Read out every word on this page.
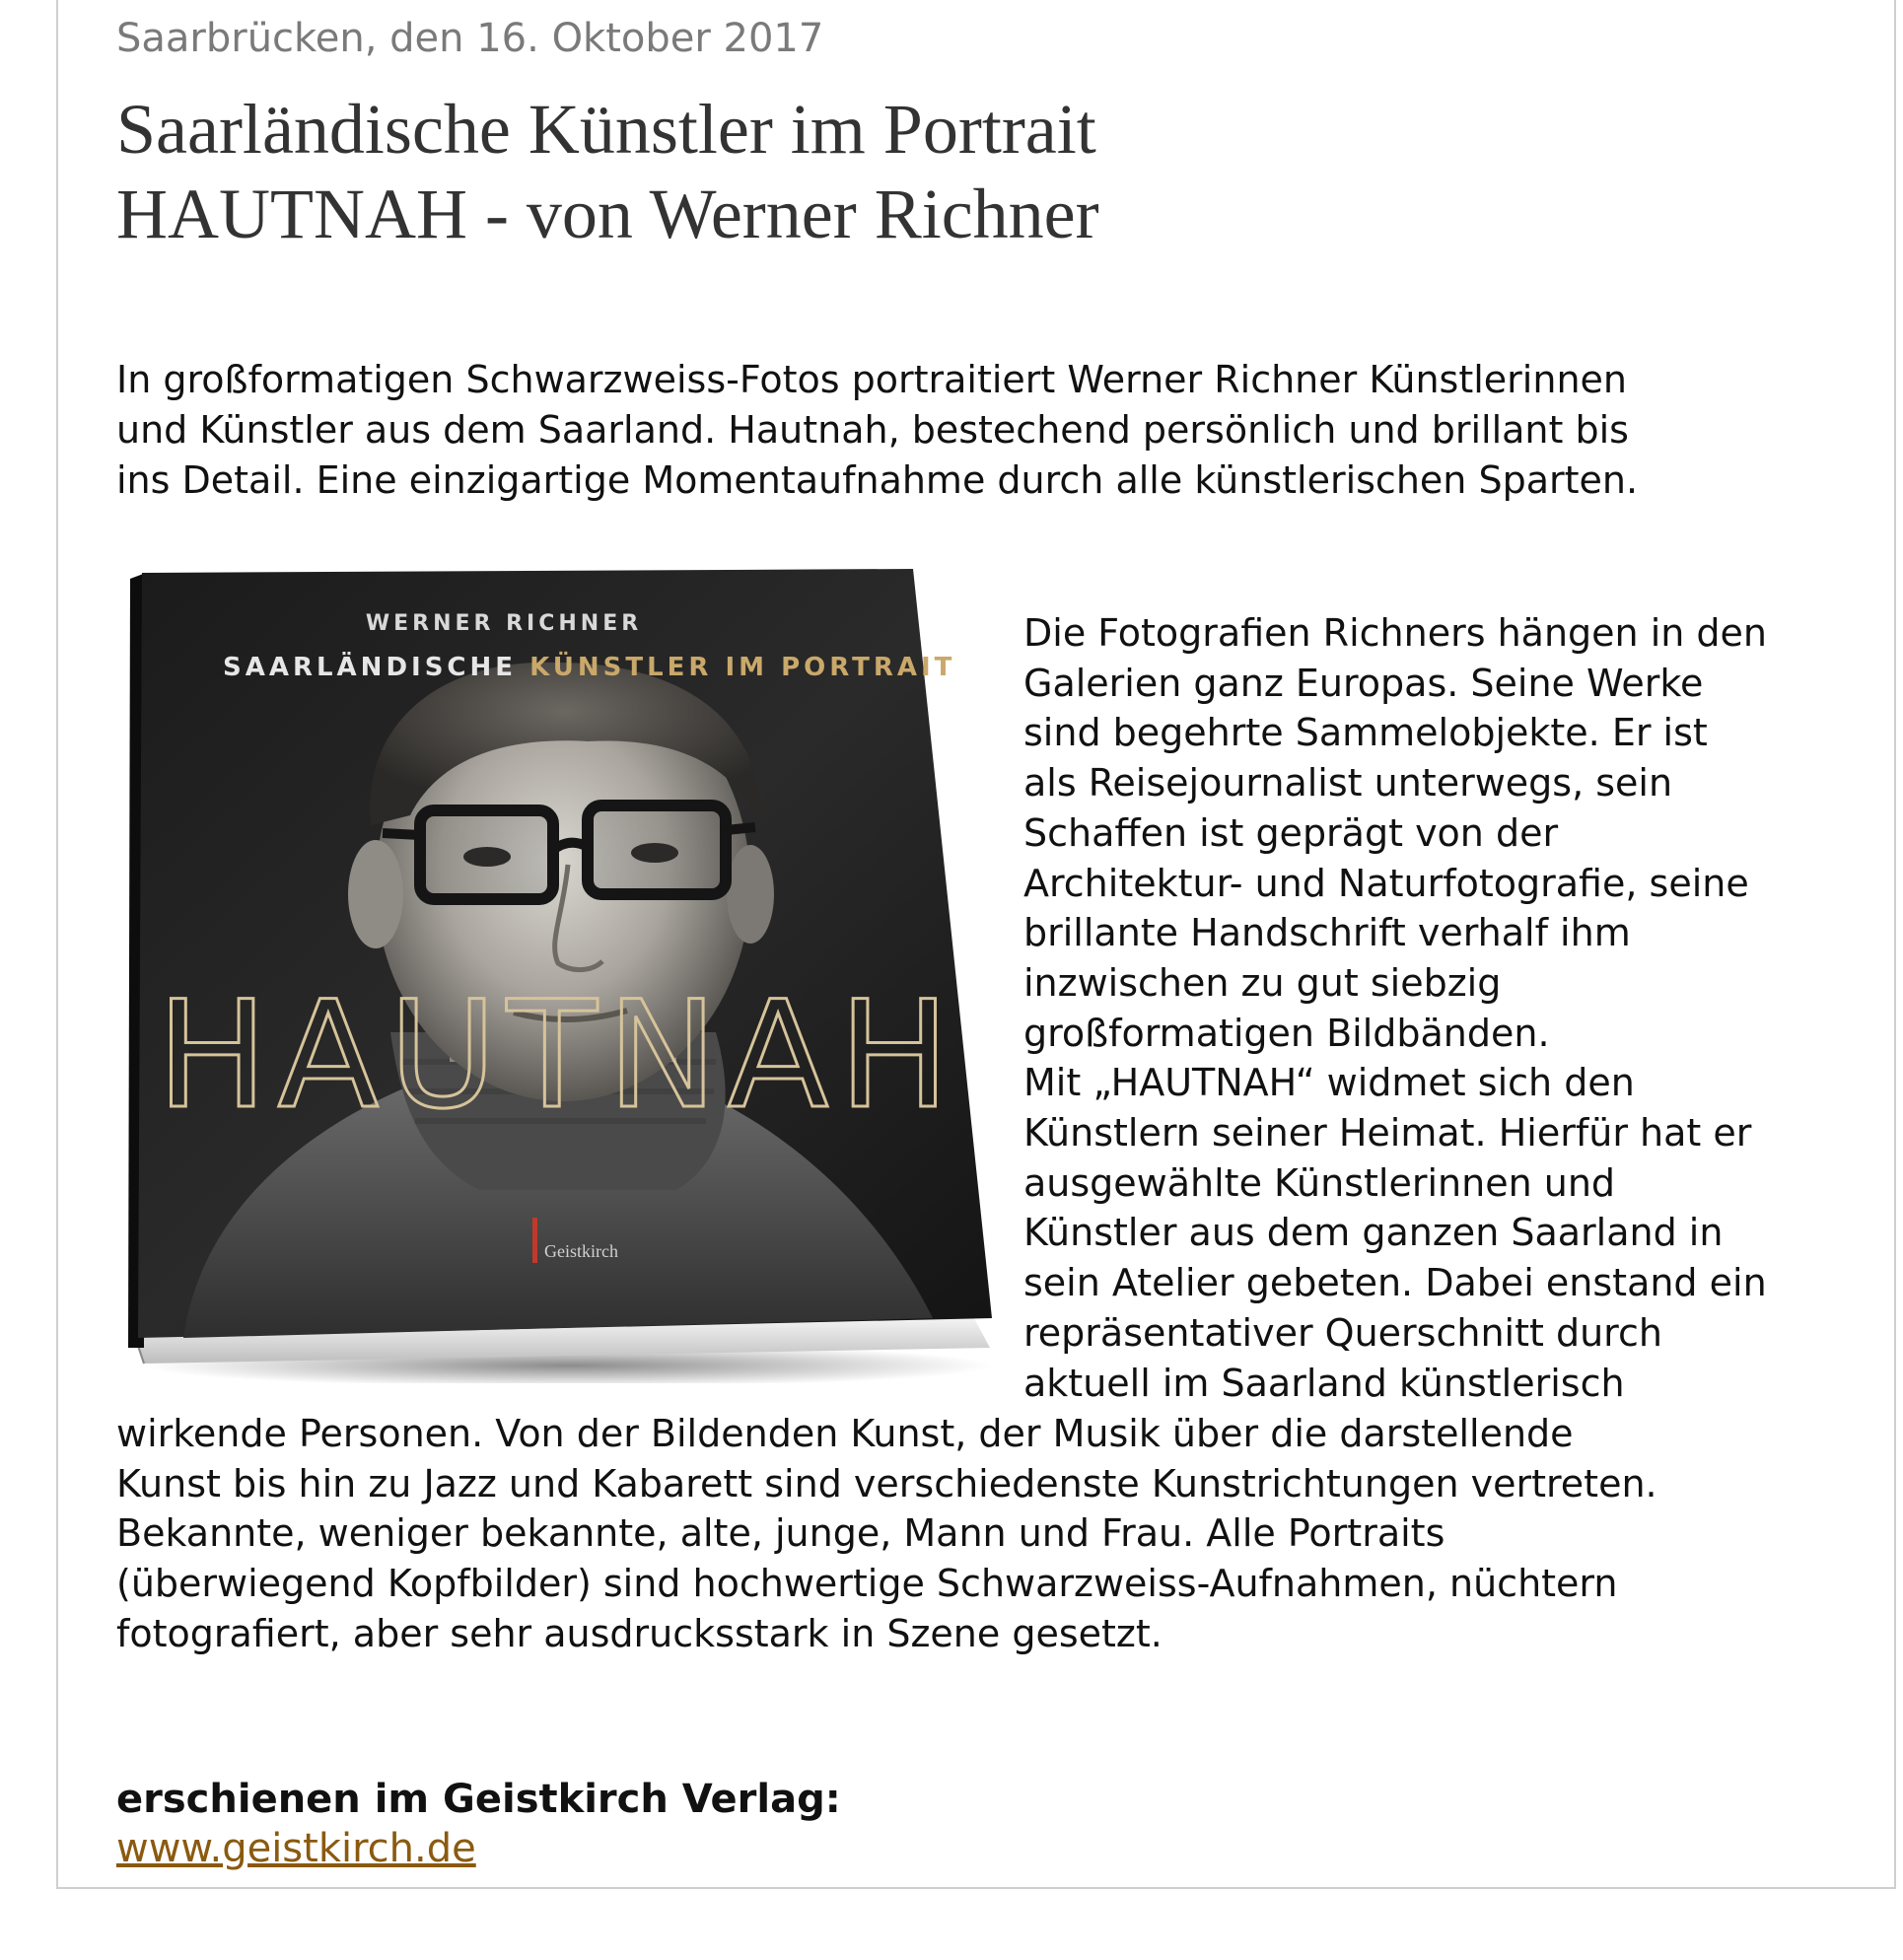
Saarbrücken, den 16. Oktober 2017
Saarländische Künstler im Portrait
HAUTNAH - von Werner Richner
In großformatigen Schwarzweiss-Fotos portraitiert Werner Richner Künstlerinnen
und Künstler aus dem Saarland. Hautnah, bestechend persönlich und brillant bis
ins Detail. Eine einzigartige Momentaufnahme durch alle künstlerischen Sparten.
WERNER RICHNER
SAARLÄNDISCHE KÜNSTLER IM PORTRAIT
HAUTNAH
Geistkirch
Die Fotografien Richners hängen in den
Galerien ganz Europas. Seine Werke
sind begehrte Sammelobjekte. Er ist
als Reisejournalist unterwegs, sein
Schaffen ist geprägt von der
Architektur- und Naturfotografie, seine
brillante Handschrift verhalf ihm
inzwischen zu gut siebzig
großformatigen Bildbänden.
Mit „HAUTNAH“ widmet sich den
Künstlern seiner Heimat. Hierfür hat er
ausgewählte Künstlerinnen und
Künstler aus dem ganzen Saarland in
sein Atelier gebeten. Dabei enstand ein
repräsentativer Querschnitt durch
aktuell im Saarland künstlerisch
wirkende Personen. Von der Bildenden Kunst, der Musik über die darstellende
Kunst bis hin zu Jazz und Kabarett sind verschiedenste Kunstrichtungen vertreten.
Bekannte, weniger bekannte, alte, junge, Mann und Frau. Alle Portraits
(überwiegend Kopfbilder) sind hochwertige Schwarzweiss-Aufnahmen, nüchtern
fotografiert, aber sehr ausdrucksstark in Szene gesetzt.
erschienen im Geistkirch Verlag:
www.geistkirch.de
